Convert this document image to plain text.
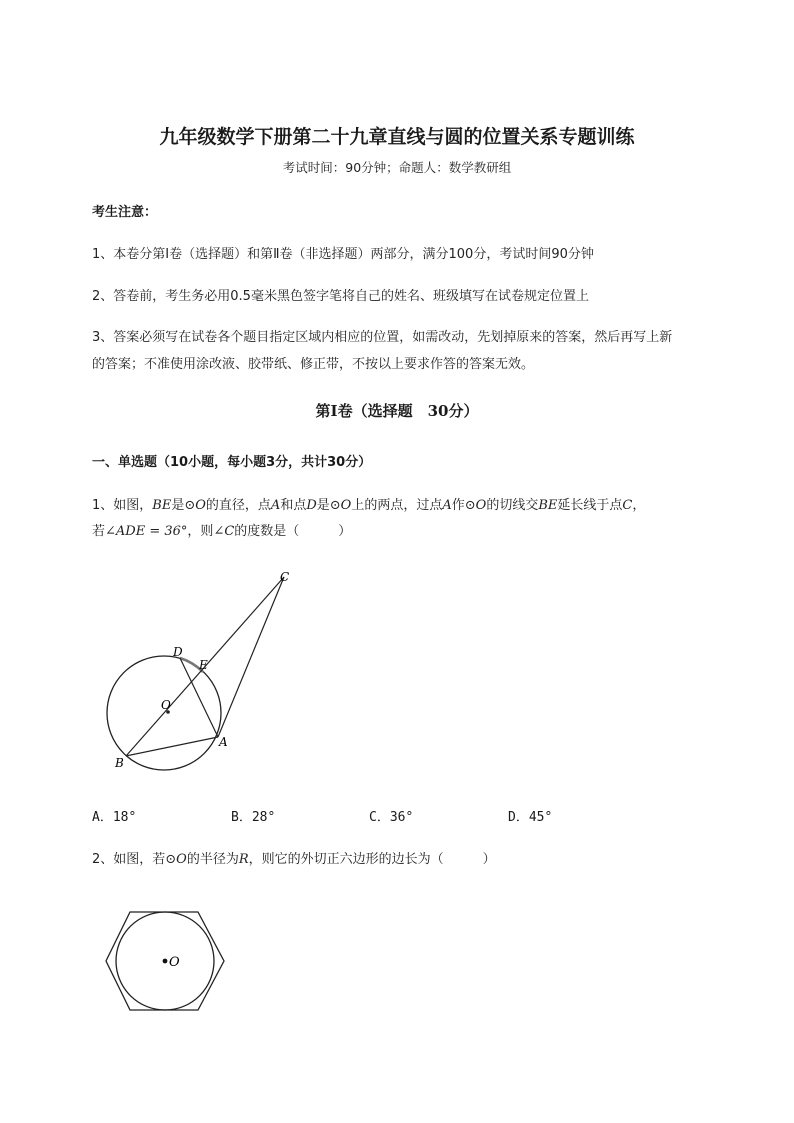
九年级数学下册第二十九章直线与圆的位置关系专题训练
考试时间：90分钟；命题人：数学教研组
考生注意：
1、本卷分第Ⅰ卷（选择题）和第Ⅱ卷（非选择题）两部分，满分100分，考试时间90分钟
2、答卷前，考生务必用0.5毫米黑色签字笔将自己的姓名、班级填写在试卷规定位置上
3、答案必须写在试卷各个题目指定区域内相应的位置，如需改动，先划掉原来的答案，然后再写上新
的答案；不准使用涂改液、胶带纸、修正带，不按以上要求作答的答案无效。
第Ⅰ卷（选择题　30分）
一、单选题（10小题，每小题3分，共计30分）
1、如图，BE是⊙O的直径，点A和点D是⊙O上的两点，过点A作⊙O的切线交BE延长线于点C，
若∠ADE = 36°，则∠C的度数是（　　　）
C
D
E
O
A
B
A．18°	B．28°	C．36°	D．45°
2、如图，若⊙O的半径为R，则它的外切正六边形的边长为（　　　）
O
